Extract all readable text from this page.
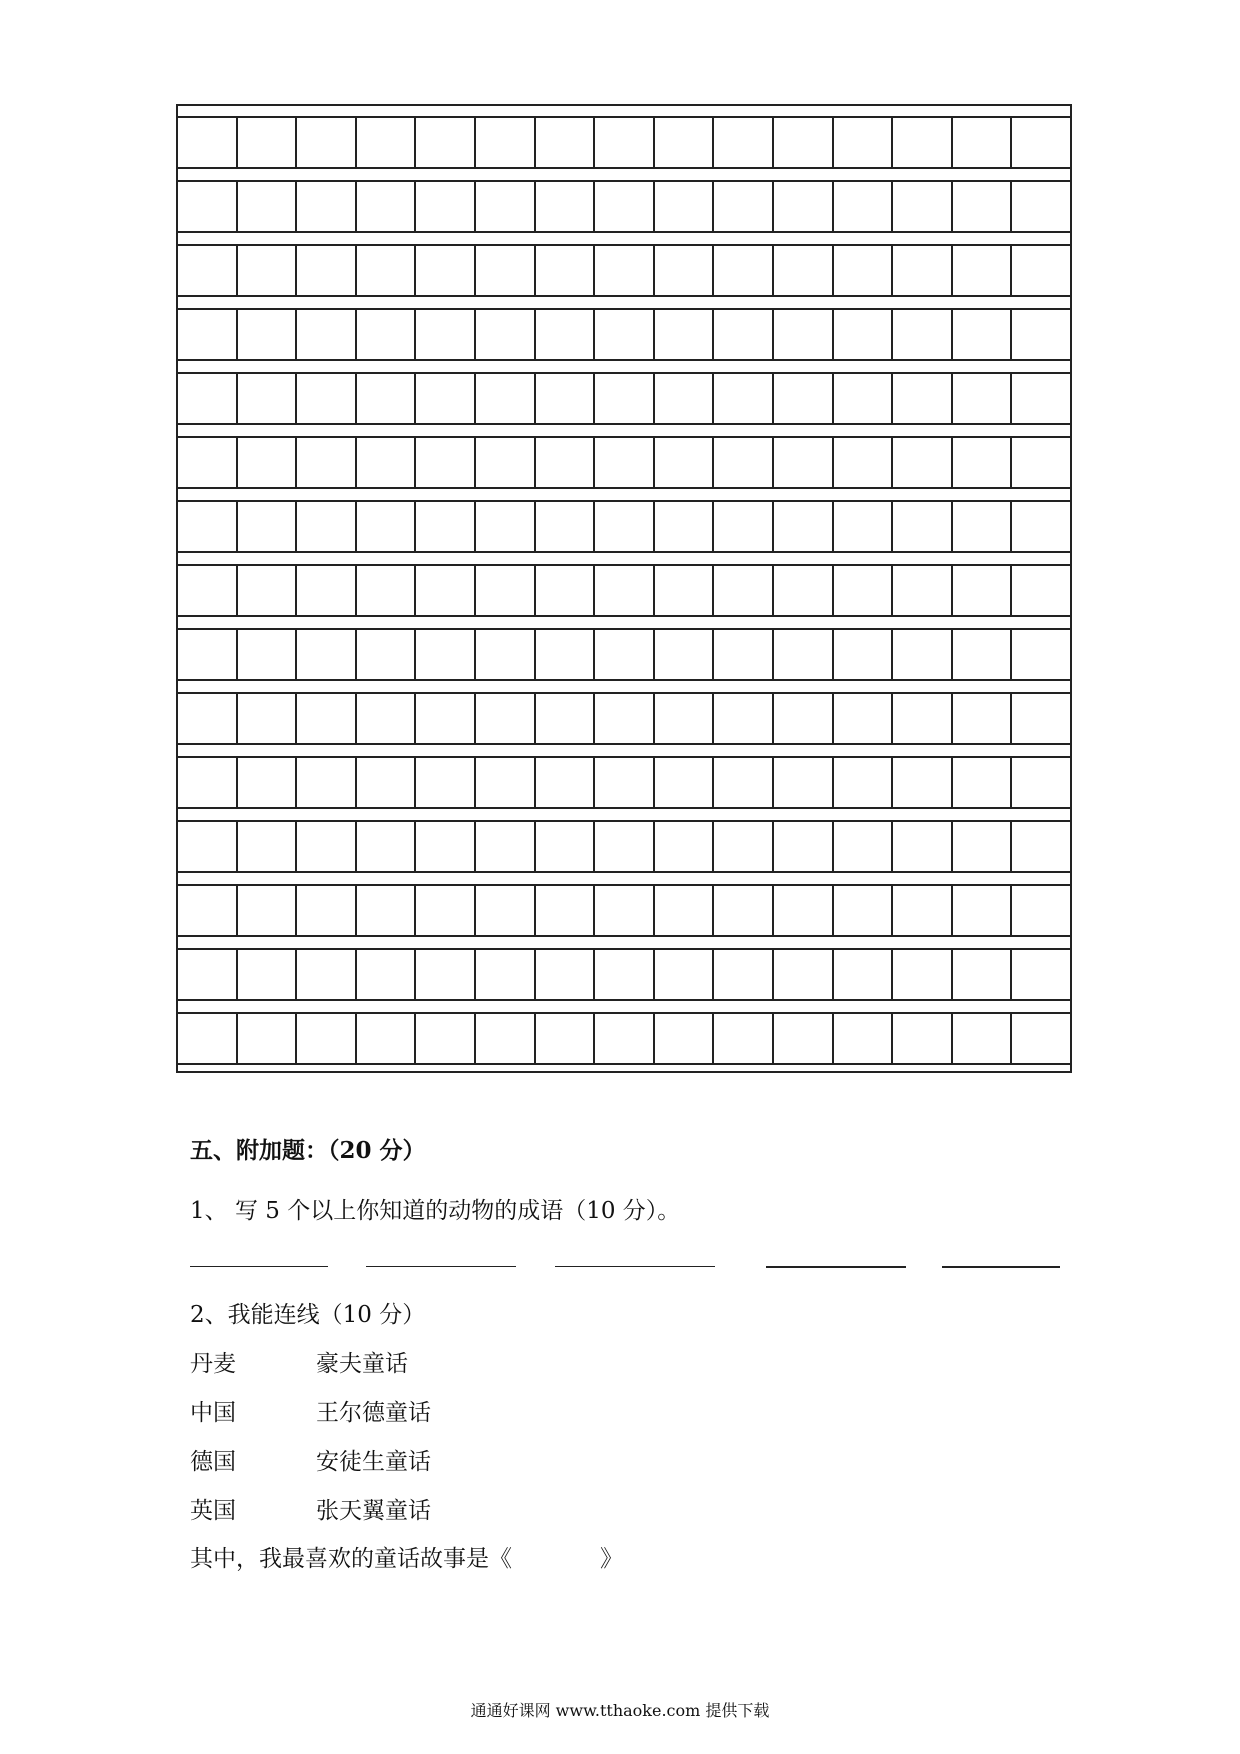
五、附加题：（20 分）
1、 写 5 个以上你知道的动物的成语（10 分）。
2、我能连线（10 分）
丹麦	豪夫童话
中国	王尔德童话
德国	安徒生童话
英国	张天翼童话
其中，我最喜欢的童话故事是《	》
通通好课网 www.tthaoke.com 提供下载
